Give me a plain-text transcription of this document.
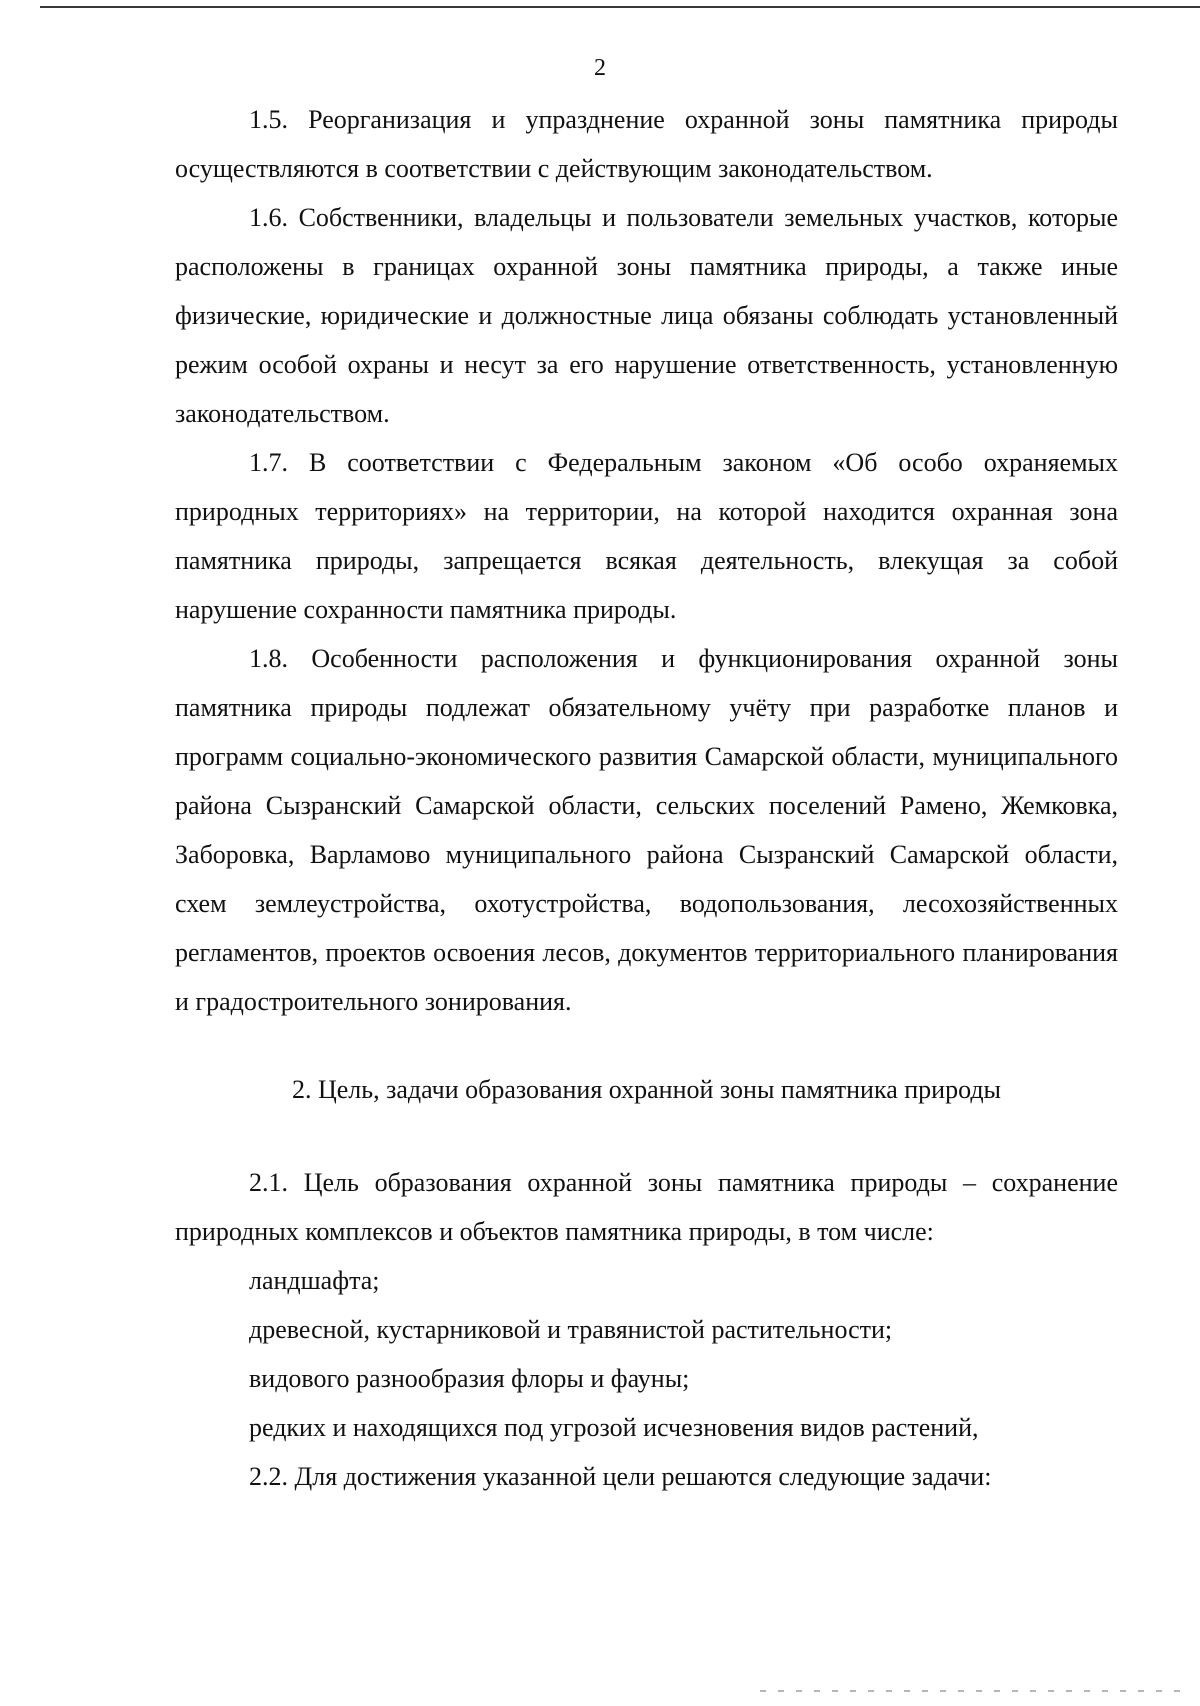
2

1.5. Реорганизация и упразднение охранной зоны памятника природы осуществляются в соответствии с действующим законодательством.

1.6. Собственники, владельцы и пользователи земельных участков, которые расположены в границах охранной зоны памятника природы, а также иные физические, юридические и должностные лица обязаны соблюдать установленный режим особой охраны и несут за его нарушение ответственность, установленную законодательством.

1.7. В соответствии с Федеральным законом «Об особо охраняемых природных территориях» на территории, на которой находится охранная зона памятника природы, запрещается всякая деятельность, влекущая за собой нарушение сохранности памятника природы.

1.8. Особенности расположения и функционирования охранной зоны памятника природы подлежат обязательному учёту при разработке планов и программ социально-экономического развития Самарской области, муниципального района Сызранский Самарской области, сельских поселений Рамено, Жемковка, Заборовка, Варламово муниципального района Сызранский Самарской области, схем землеустройства, охотустройства, водопользования, лесохозяйственных регламентов, проектов освоения лесов, документов территориального планирования и градостроительного зонирования.

2. Цель, задачи образования охранной зоны памятника природы

2.1. Цель образования охранной зоны памятника природы – сохранение природных комплексов и объектов памятника природы, в том числе:

ландшафта;

древесной, кустарниковой и травянистой растительности;

видового разнообразия флоры и фауны;

редких и находящихся под угрозой исчезновения видов растений,

2.2. Для достижения указанной цели решаются следующие задачи:
